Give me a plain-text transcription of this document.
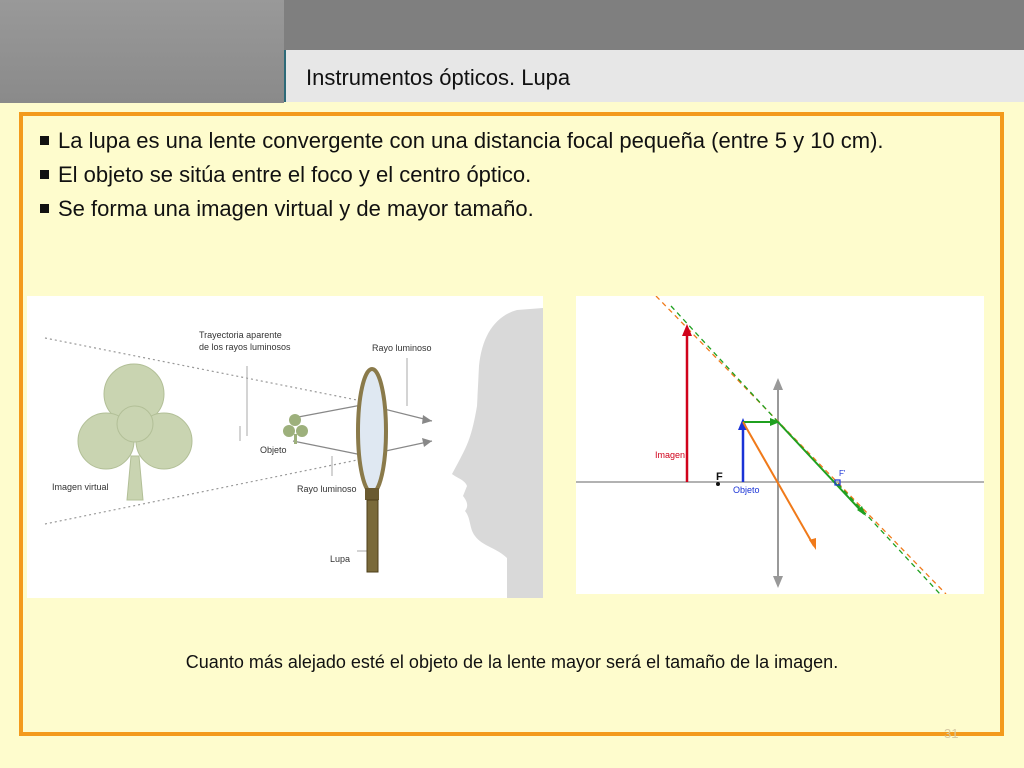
Instrumentos ópticos. Lupa
La lupa es una lente convergente con una distancia focal pequeña (entre 5 y 10 cm).
El objeto se sitúa entre el foco y el centro óptico.
Se forma una imagen virtual y de mayor tamaño.
Trayectoria aparente
de los rayos luminosos	Rayo luminoso
Objeto
Imagen virtual	Rayo luminoso
Lupa
Imagen
F
Objeto
F'
Cuanto más alejado esté el objeto de la lente mayor será el tamaño de la imagen.
31
